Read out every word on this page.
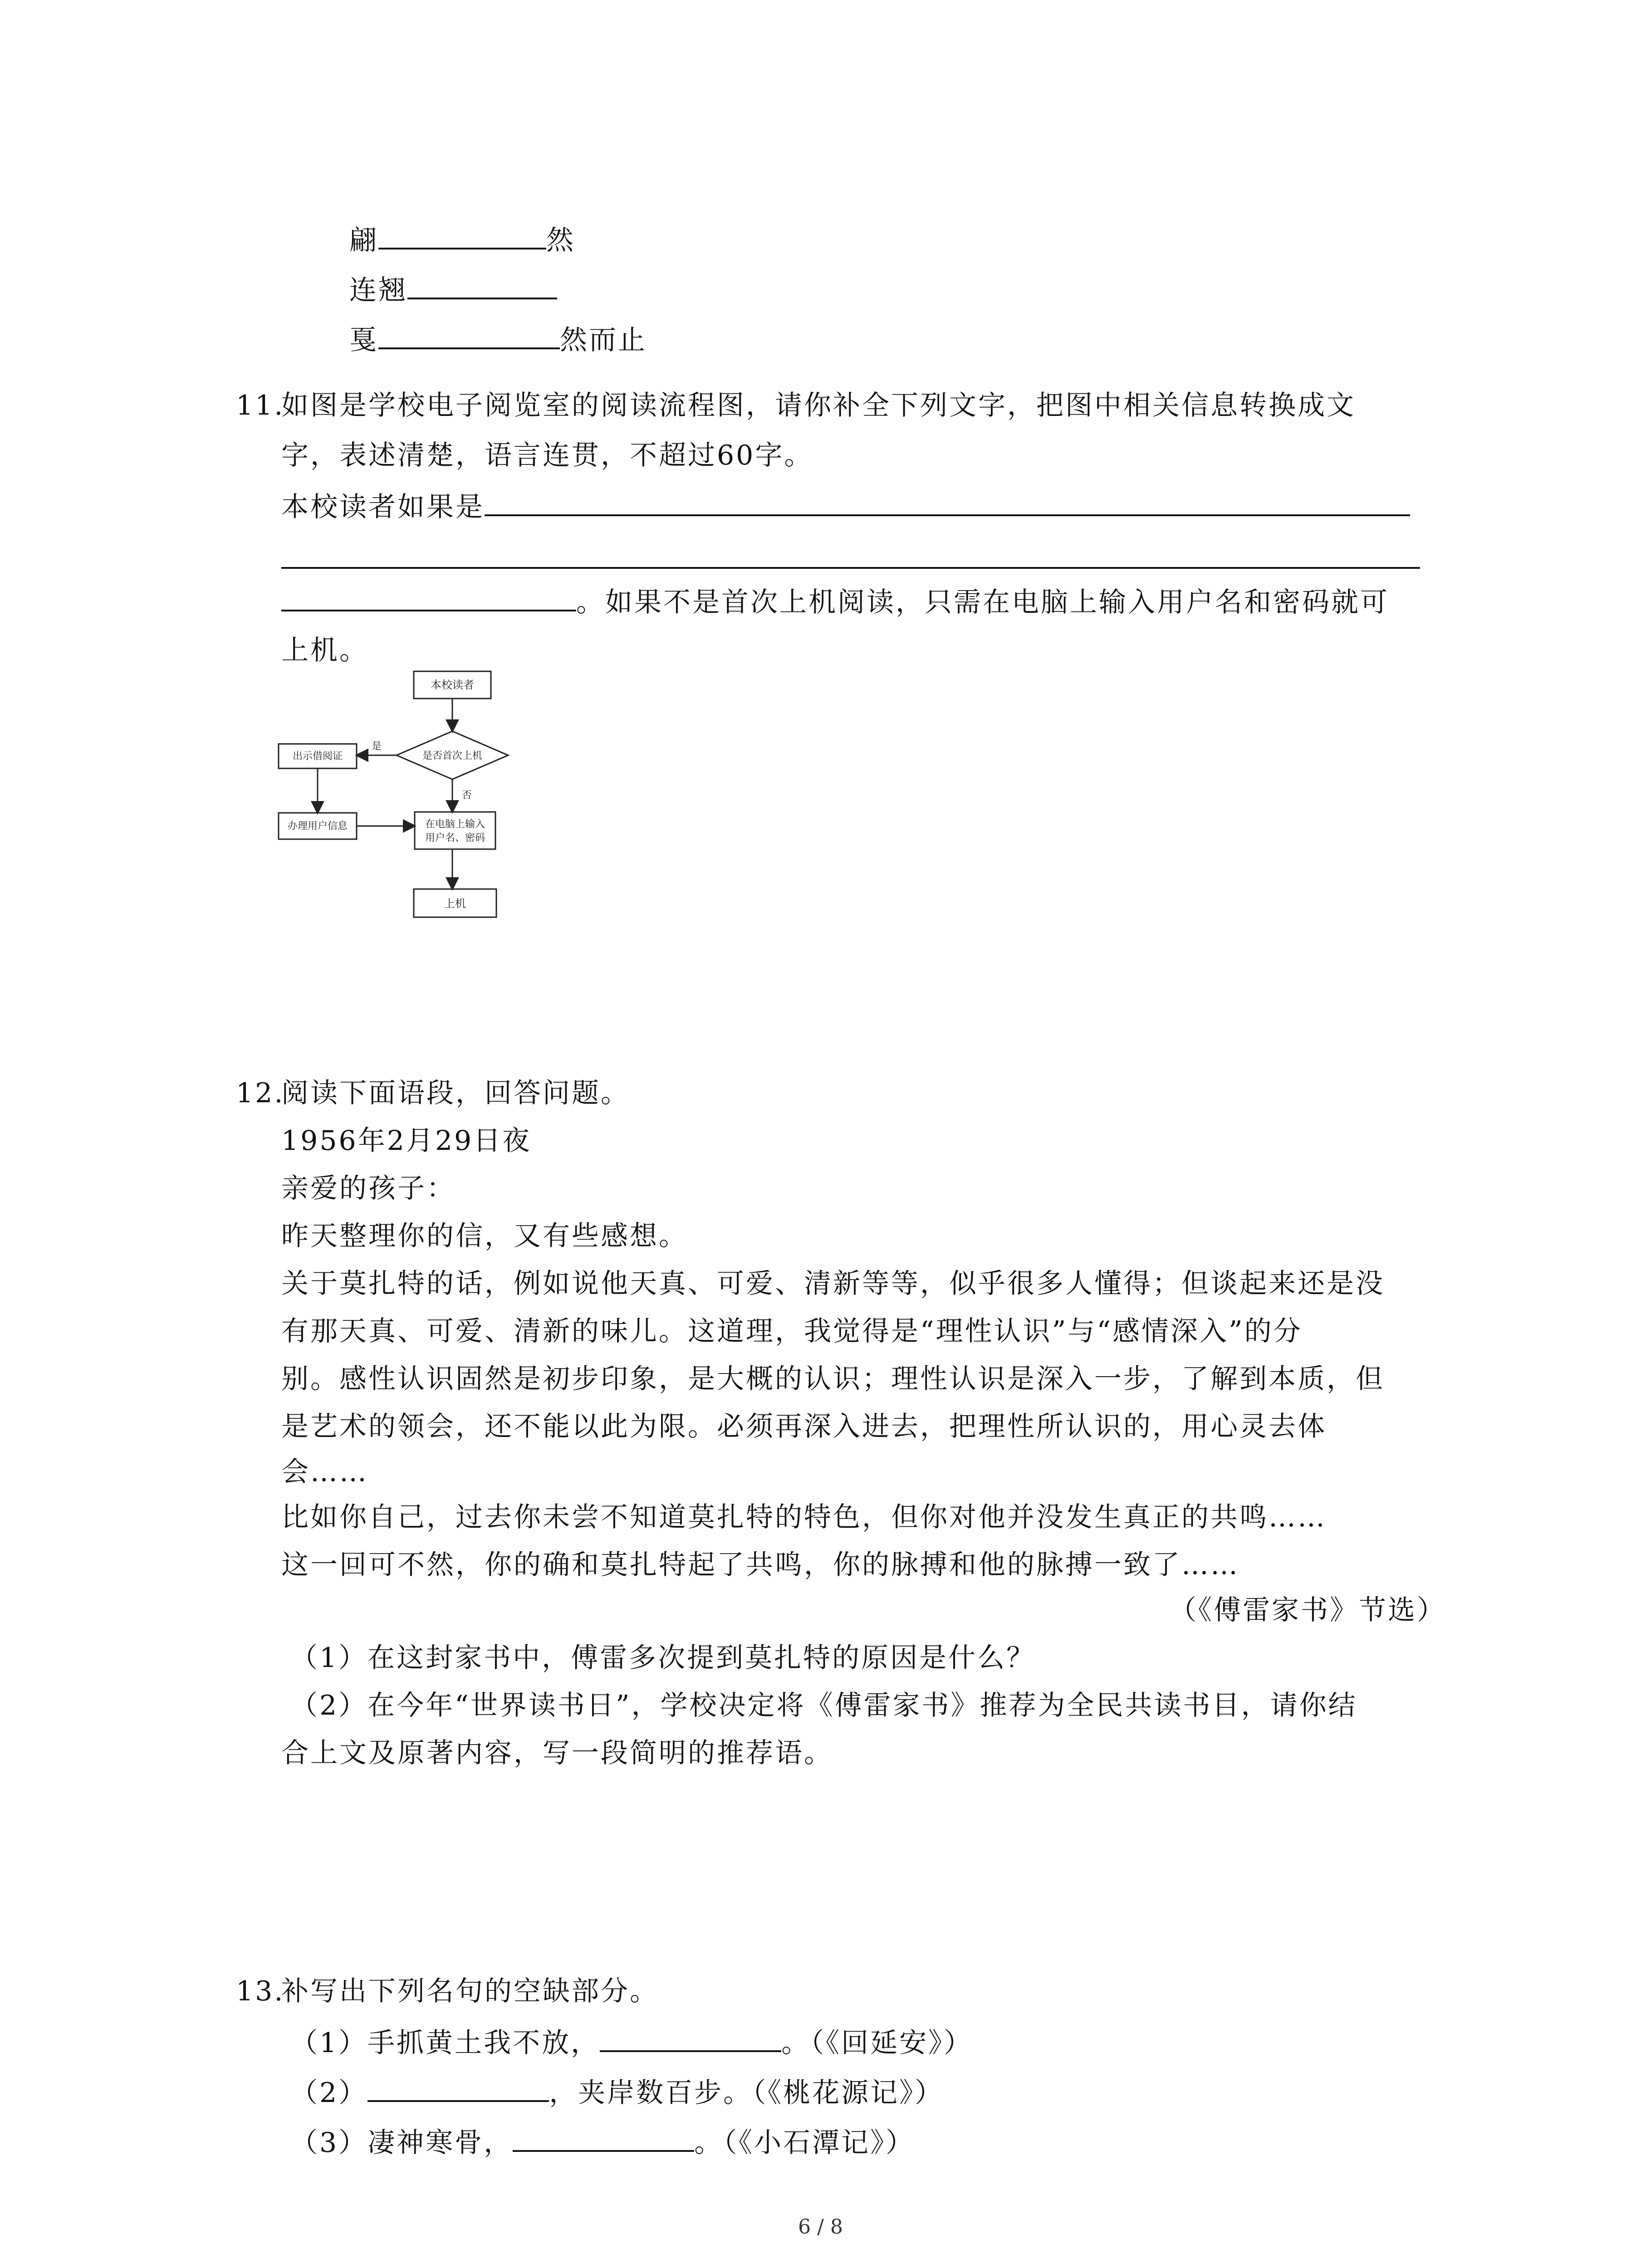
翩	然
连翘
戛	然而止
11.
如图是学校电子阅览室的阅读流程图，请你补全下列文字，把图中相关信息转换成文
字，表述清楚，语言连贯，不超过60字。
本校读者如果是
。如果不是首次上机阅读，只需在电脑上输入用户名和密码就可
上机。
本校读者
是否首次上机
是
出示借阅证
办理用户信息
否
在电脑上输入
用户名、密码
上机
12.
阅读下面语段，回答问题。
1956年2月29日夜
亲爱的孩子：
昨天整理你的信，又有些感想。
关于莫扎特的话，例如说他天真、可爱、清新等等，似乎很多人懂得；但谈起来还是没
有那天真、可爱、清新的味儿。这道理，我觉得是“理性认识”与“感情深入”的分
别。感性认识固然是初步印象，是大概的认识；理性认识是深入一步，了解到本质，但
是艺术的领会，还不能以此为限。必须再深入进去，把理性所认识的，用心灵去体
会……
比如你自己，过去你未尝不知道莫扎特的特色，但你对他并没发生真正的共鸣……
这一回可不然，你的确和莫扎特起了共鸣，你的脉搏和他的脉搏一致了……
（《傅雷家书》节选）
（1）在这封家书中，傅雷多次提到莫扎特的原因是什么？
（2）在今年“世界读书日”，学校决定将《傅雷家书》推荐为全民共读书目，请你结
合上文及原著内容，写一段简明的推荐语。
13.
补写出下列名句的空缺部分。
（1）手抓黄土我不放，	。（《回延安》）
（2）	，夹岸数百步。（《桃花源记》）
（3）凄神寒骨，	。（《小石潭记》）
6 / 8
